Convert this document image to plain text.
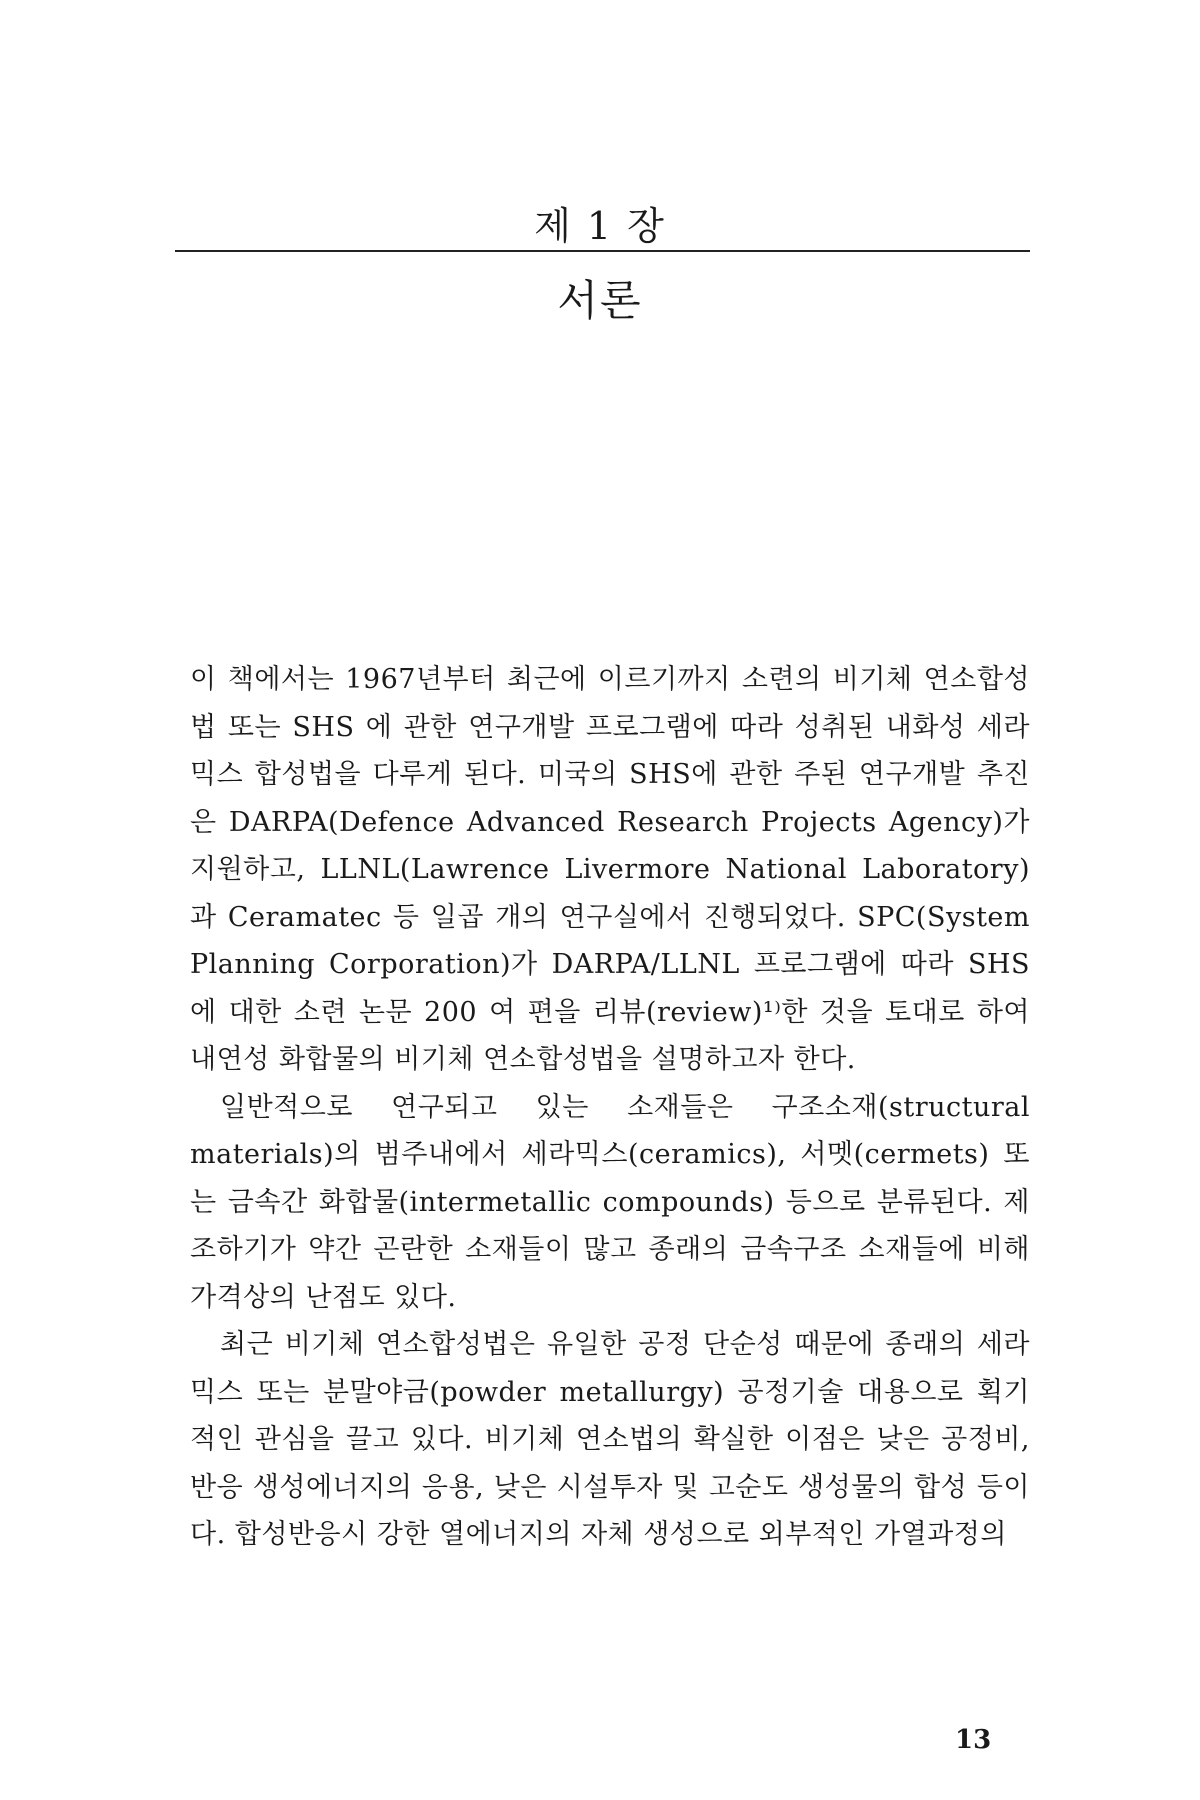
제 1 장
서론

이 책에서는 1967년부터 최근에 이르기까지 소련의 비기체 연소합성법 또는 SHS 에 관한 연구개발 프로그램에 따라 성취된 내화성 세라믹스 합성법을 다루게 된다. 미국의 SHS에 관한 주된 연구개발 추진은 DARPA(Defence Advanced Research Projects Agency)가 지원하고, LLNL(Lawrence Livermore National Laboratory)과 Ceramatec 등 일곱 개의 연구실에서 진행되었다. SPC(System Planning Corporation)가 DARPA/LLNL 프로그램에 따라 SHS 에 대한 소련 논문 200 여 편을 리뷰(review)¹⁾한 것을 토대로 하여 내연성 화합물의 비기체 연소합성법을 설명하고자 한다.

일반적으로 연구되고 있는 소재들은 구조소재(structural materials)의 범주내에서 세라믹스(ceramics), 서멧(cermets) 또는 금속간 화합물(intermetallic compounds) 등으로 분류된다. 제조하기가 약간 곤란한 소재들이 많고 종래의 금속구조 소재들에 비해 가격상의 난점도 있다.

최근 비기체 연소합성법은 유일한 공정 단순성 때문에 종래의 세라믹스 또는 분말야금(powder metallurgy) 공정기술 대용으로 획기적인 관심을 끌고 있다. 비기체 연소법의 확실한 이점은 낮은 공정비, 반응 생성에너지의 응용, 낮은 시설투자 및 고순도 생성물의 합성 등이다. 합성반응시 강한 열에너지의 자체 생성으로 외부적인 가열과정의

13
